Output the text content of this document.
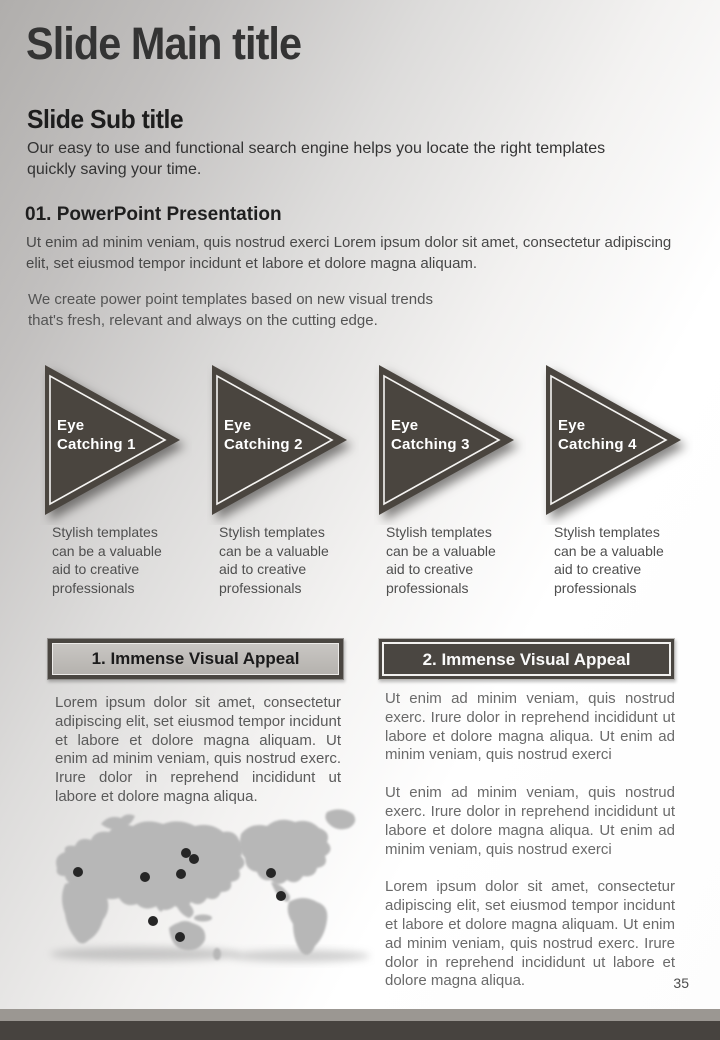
Slide Main title
Slide Sub title
Our easy to use and functional search engine helps you locate the right templates quickly saving your time.
01. PowerPoint Presentation
Ut enim ad minim veniam, quis nostrud exerci Lorem ipsum dolor sit amet, consectetur adipiscing elit, set eiusmod tempor incidunt et labore et dolore magna aliquam.
We create power point templates based on new visual trends that's fresh, relevant and always on the cutting edge.
Eye
Catching 1
Eye
Catching 2
Eye
Catching 3
Eye
Catching 4
Stylish templates can be a valuable aid to creative professionals
Stylish templates can be a valuable aid to creative professionals
Stylish templates can be a valuable aid to creative professionals
Stylish templates can be a valuable aid to creative professionals
1. Immense Visual Appeal	2. Immense Visual Appeal

Lorem ipsum dolor sit amet, consectetur adipiscing elit, set eiusmod tempor incidunt et labore et dolore magna aliquam. Ut enim ad minim veniam, quis nostrud exerc. Irure dolor in reprehend incididunt ut labore et dolore magna aliqua.

Ut enim ad minim veniam, quis nostrud exerc. Irure dolor in reprehend incididunt ut labore et dolore magna aliqua. Ut enim ad minim veniam, quis nostrud exerci

Ut enim ad minim veniam, quis nostrud exerc. Irure dolor in reprehend incididunt ut labore et dolore magna aliqua. Ut enim ad minim veniam, quis nostrud exerci

Lorem ipsum dolor sit amet, consectetur adipiscing elit, set eiusmod tempor incidunt et labore et dolore magna aliquam. Ut enim ad minim veniam, quis nostrud exerc. Irure dolor in reprehend incididunt ut labore et dolore magna aliqua.	35
